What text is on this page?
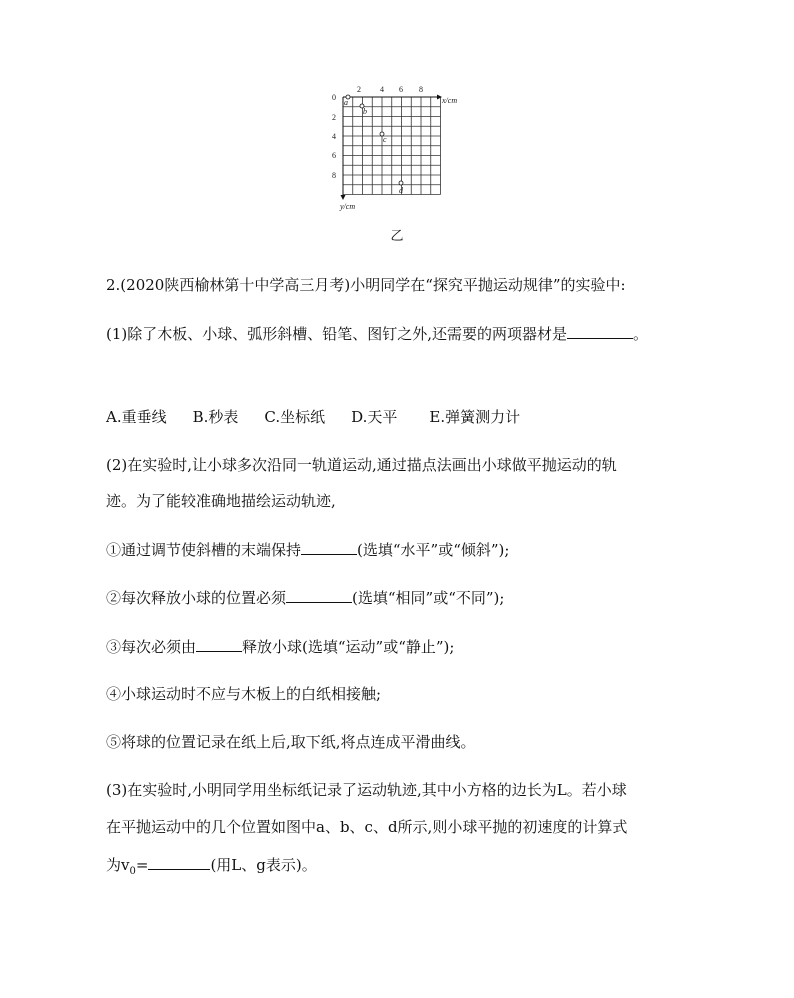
0
2 4 6 8
x/cm
2
4
6
8
y/cm
a
b
c
d
乙
2.(2020陕西榆林第十中学高三月考)小明同学在“探究平抛运动规律”的实验中:
(1)除了木板、小球、弧形斜槽、铅笔、图钉之外,还需要的两项器材是	。
A.重垂线 B.秒表 C.坐标纸 D.天平 E.弹簧测力计
(2)在实验时,让小球多次沿同一轨道运动,通过描点法画出小球做平抛运动的轨
迹。为了能较准确地描绘运动轨迹,
①通过调节使斜槽的末端保持	(选填“水平”或“倾斜”);
②每次释放小球的位置必须	(选填“相同”或“不同”);
③每次必须由	释放小球(选填“运动”或“静止”);
④小球运动时不应与木板上的白纸相接触;
⑤将球的位置记录在纸上后,取下纸,将点连成平滑曲线。
(3)在实验时,小明同学用坐标纸记录了运动轨迹,其中小方格的边长为L。若小球
在平抛运动中的几个位置如图中a、b、c、d所示,则小球平抛的初速度的计算式
为$v_0=$	(用L、g表示)。
